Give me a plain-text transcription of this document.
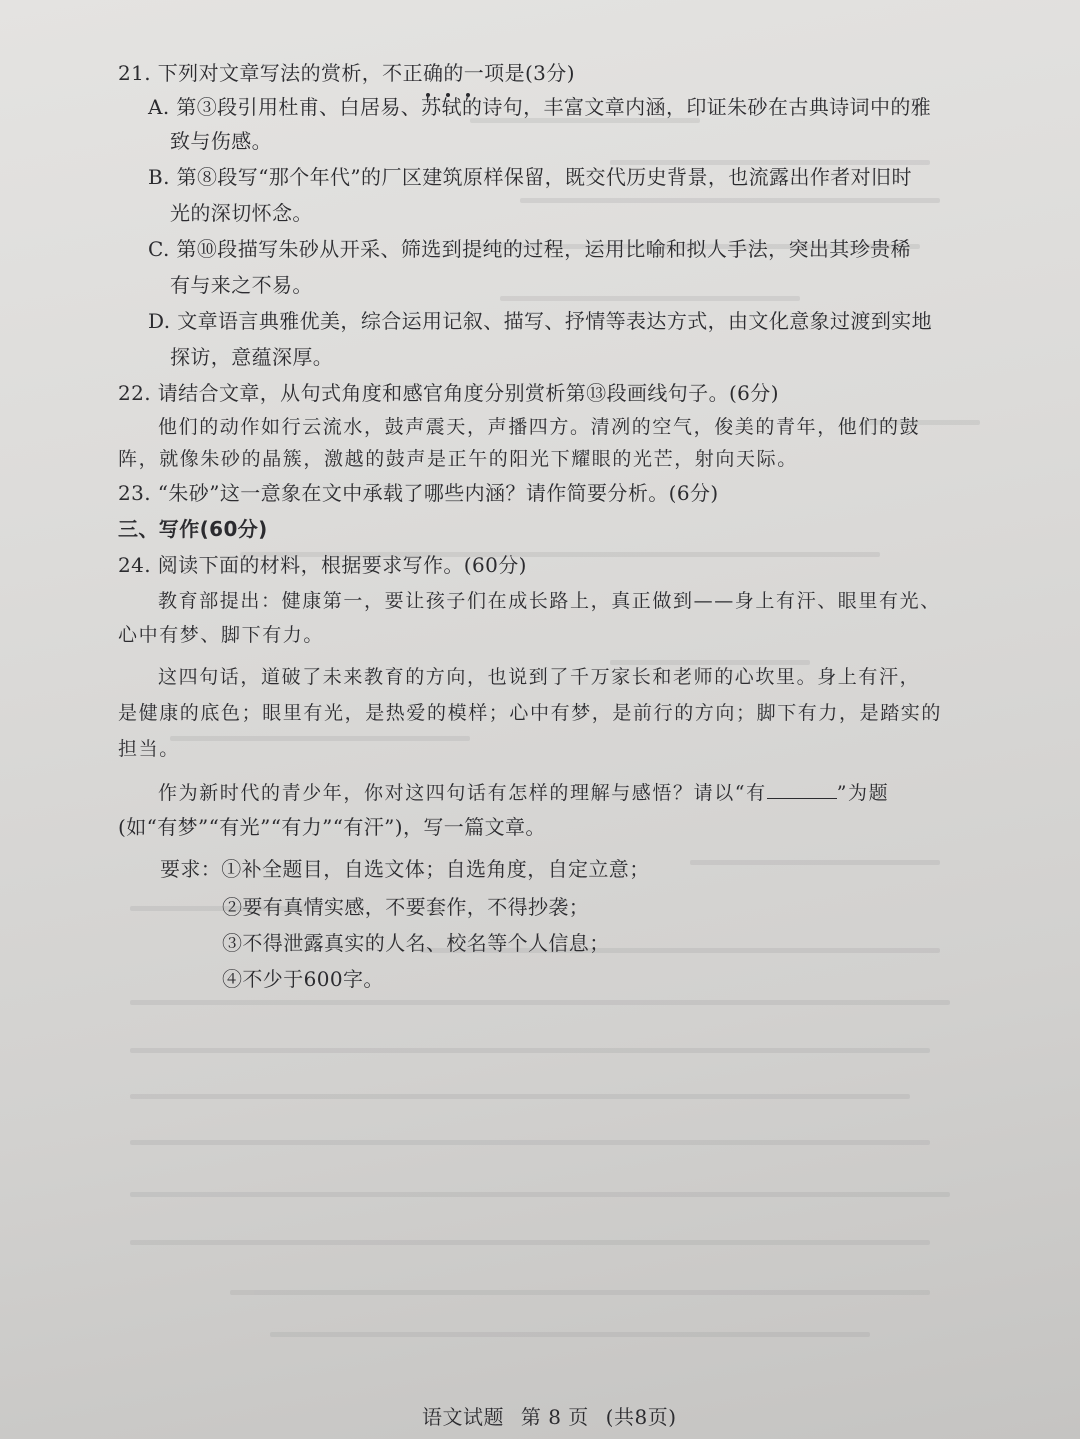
21. 下列对文章写法的赏析，不正确的一项是(3分)
A. 第③段引用杜甫、白居易、苏轼的诗句，丰富文章内涵，印证朱砂在古典诗词中的雅
致与伤感。
B. 第⑧段写“那个年代”的厂区建筑原样保留，既交代历史背景，也流露出作者对旧时
光的深切怀念。
C. 第⑩段描写朱砂从开采、筛选到提纯的过程，运用比喻和拟人手法，突出其珍贵稀
有与来之不易。
D. 文章语言典雅优美，综合运用记叙、描写、抒情等表达方式，由文化意象过渡到实地
探访，意蕴深厚。
22. 请结合文章，从句式角度和感官角度分别赏析第⑬段画线句子。(6分)
他们的动作如行云流水，鼓声震天，声播四方。清冽的空气，俊美的青年，他们的鼓
阵，就像朱砂的晶簇，激越的鼓声是正午的阳光下耀眼的光芒，射向天际。
23. “朱砂”这一意象在文中承载了哪些内涵？请作简要分析。(6分)
三、写作(60分)
24. 阅读下面的材料，根据要求写作。(60分)
教育部提出：健康第一，要让孩子们在成长路上，真正做到——身上有汗、眼里有光、
心中有梦、脚下有力。
这四句话，道破了未来教育的方向，也说到了千万家长和老师的心坎里。身上有汗，
是健康的底色；眼里有光，是热爱的模样；心中有梦，是前行的方向；脚下有力，是踏实的
担当。
作为新时代的青少年，你对这四句话有怎样的理解与感悟？请以“有	”为题
(如“有梦”“有光”“有力”“有汗”)，写一篇文章。
要求：①补全题目，自选文体；自选角度，自定立意；
②要有真情实感，不要套作，不得抄袭；
③不得泄露真实的人名、校名等个人信息；
④不少于600字。
语文试题 第 8 页 (共8页)
